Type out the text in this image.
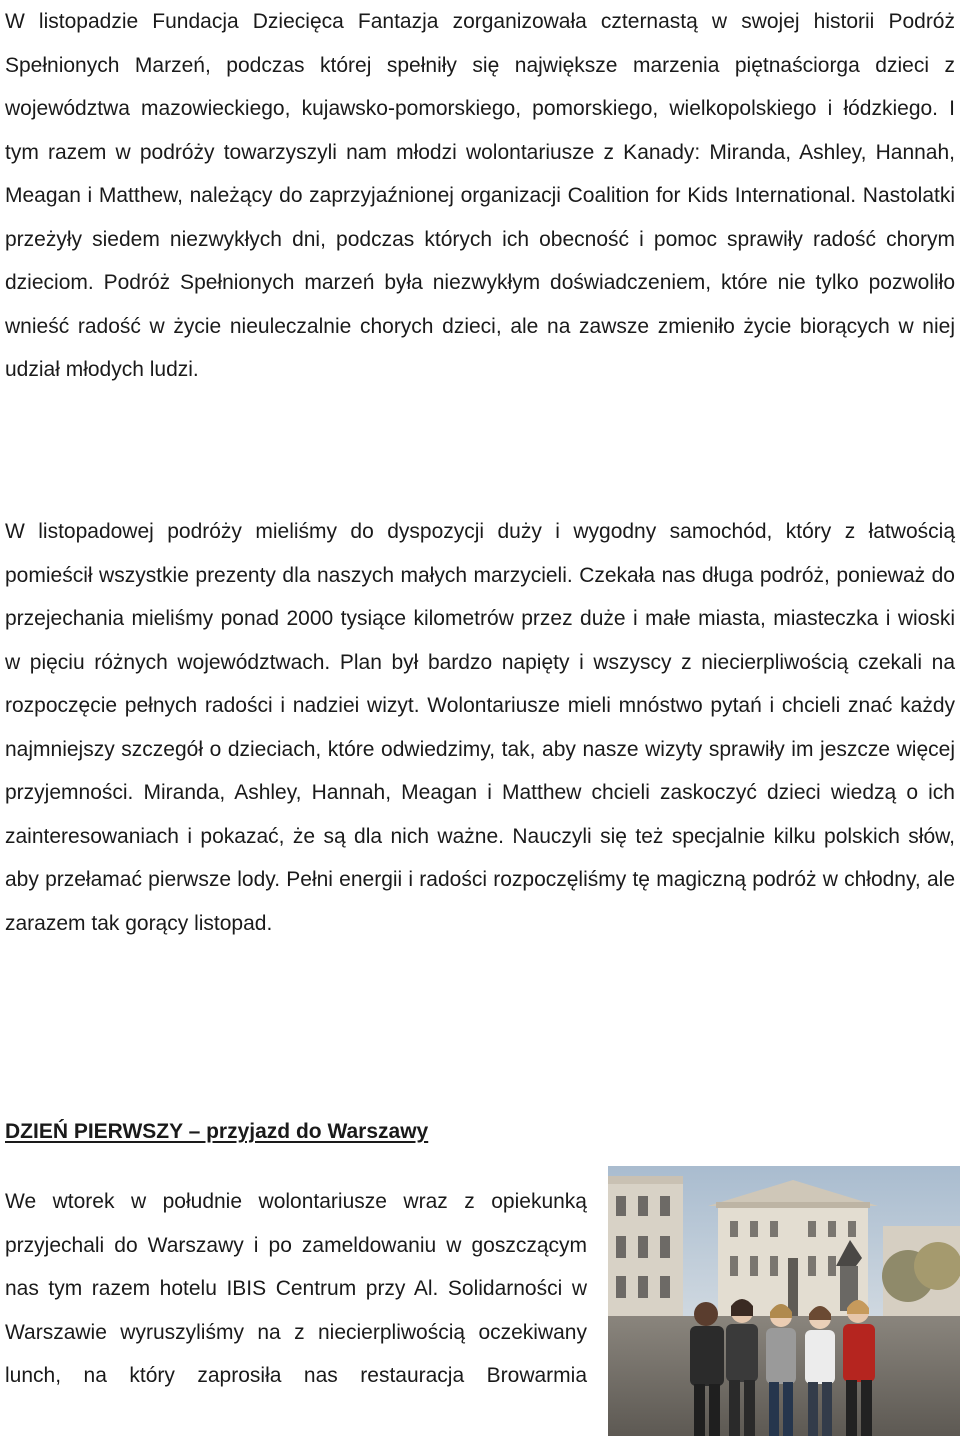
W listopadzie Fundacja Dziecięca Fantazja zorganizowała czternastą w swojej historii Podróż Spełnionych Marzeń, podczas której spełniły się największe marzenia piętnaściorga dzieci z województwa mazowieckiego, kujawsko-pomorskiego, pomorskiego, wielkopolskiego i łódzkiego. I tym razem w podróży towarzyszyli nam młodzi wolontariusze z Kanady: Miranda, Ashley, Hannah, Meagan i Matthew, należący do zaprzyjaźnionej organizacji Coalition for Kids International. Nastolatki przeżyły siedem niezwykłych dni, podczas których ich obecność i pomoc sprawiły radość chorym dzieciom. Podróż Spełnionych marzeń była niezwykłym doświadczeniem, które nie tylko pozwoliło wnieść radość w życie nieuleczalnie chorych dzieci, ale na zawsze zmieniło życie biorących w niej udział młodych ludzi.

W listopadowej podróży mieliśmy do dyspozycji duży i wygodny samochód, który z łatwością pomieścił wszystkie prezenty dla naszych małych marzycieli. Czekała nas długa podróż, ponieważ do przejechania mieliśmy ponad 2000 tysiące kilometrów przez duże i małe miasta, miasteczka i wioski w pięciu różnych województwach. Plan był bardzo napięty i wszyscy z niecierpliwością czekali na rozpoczęcie pełnych radości i nadziei wizyt. Wolontariusze mieli mnóstwo pytań i chcieli znać każdy najmniejszy szczegół o dzieciach, które odwiedzimy, tak, aby nasze wizyty sprawiły im jeszcze więcej przyjemności. Miranda, Ashley, Hannah, Meagan i Matthew chcieli zaskoczyć dzieci wiedzą o ich zainteresowaniach i pokazać, że są dla nich ważne. Nauczyli się też specjalnie kilku polskich słów, aby przełamać pierwsze lody. Pełni energii i radości rozpoczęliśmy tę magiczną podróż w chłodny, ale zarazem tak gorący listopad.

DZIEŃ PIERWSZY – przyjazd do Warszawy

We wtorek w południe wolontariusze wraz z opiekunką przyjechali do Warszawy i po zameldowaniu w goszczącym nas tym razem hotelu IBIS Centrum przy Al. Solidarności w Warszawie wyruszyliśmy na z niecierpliwością oczekiwany lunch, na który zaprosiła nas restauracja Browarmia
